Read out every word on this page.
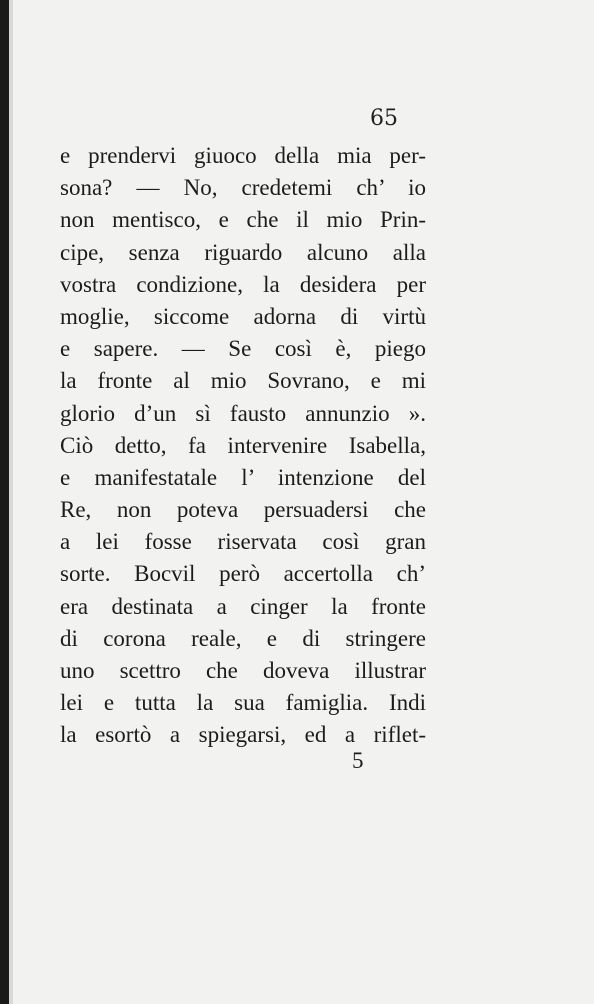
65

e prendervi giuoco della mia per-
sona? — No, credetemi ch’ io
non mentisco, e che il mio Prin-
cipe, senza riguardo alcuno alla
vostra condizione, la desidera per
moglie, siccome adorna di virtù
e sapere. — Se così è, piego
la fronte al mio Sovrano, e mi
glorio d’un sì fausto annunzio ».
Ciò detto, fa intervenire Isabella,
e manifestatale l’ intenzione del
Re, non poteva persuadersi che
a lei fosse riservata così gran
sorte. Bocvil però accertolla ch’
era destinata a cinger la fronte
di corona reale, e di stringere
uno scettro che doveva illustrar
lei e tutta la sua famiglia. Indi
la esortò a spiegarsi, ed a riflet-

5
